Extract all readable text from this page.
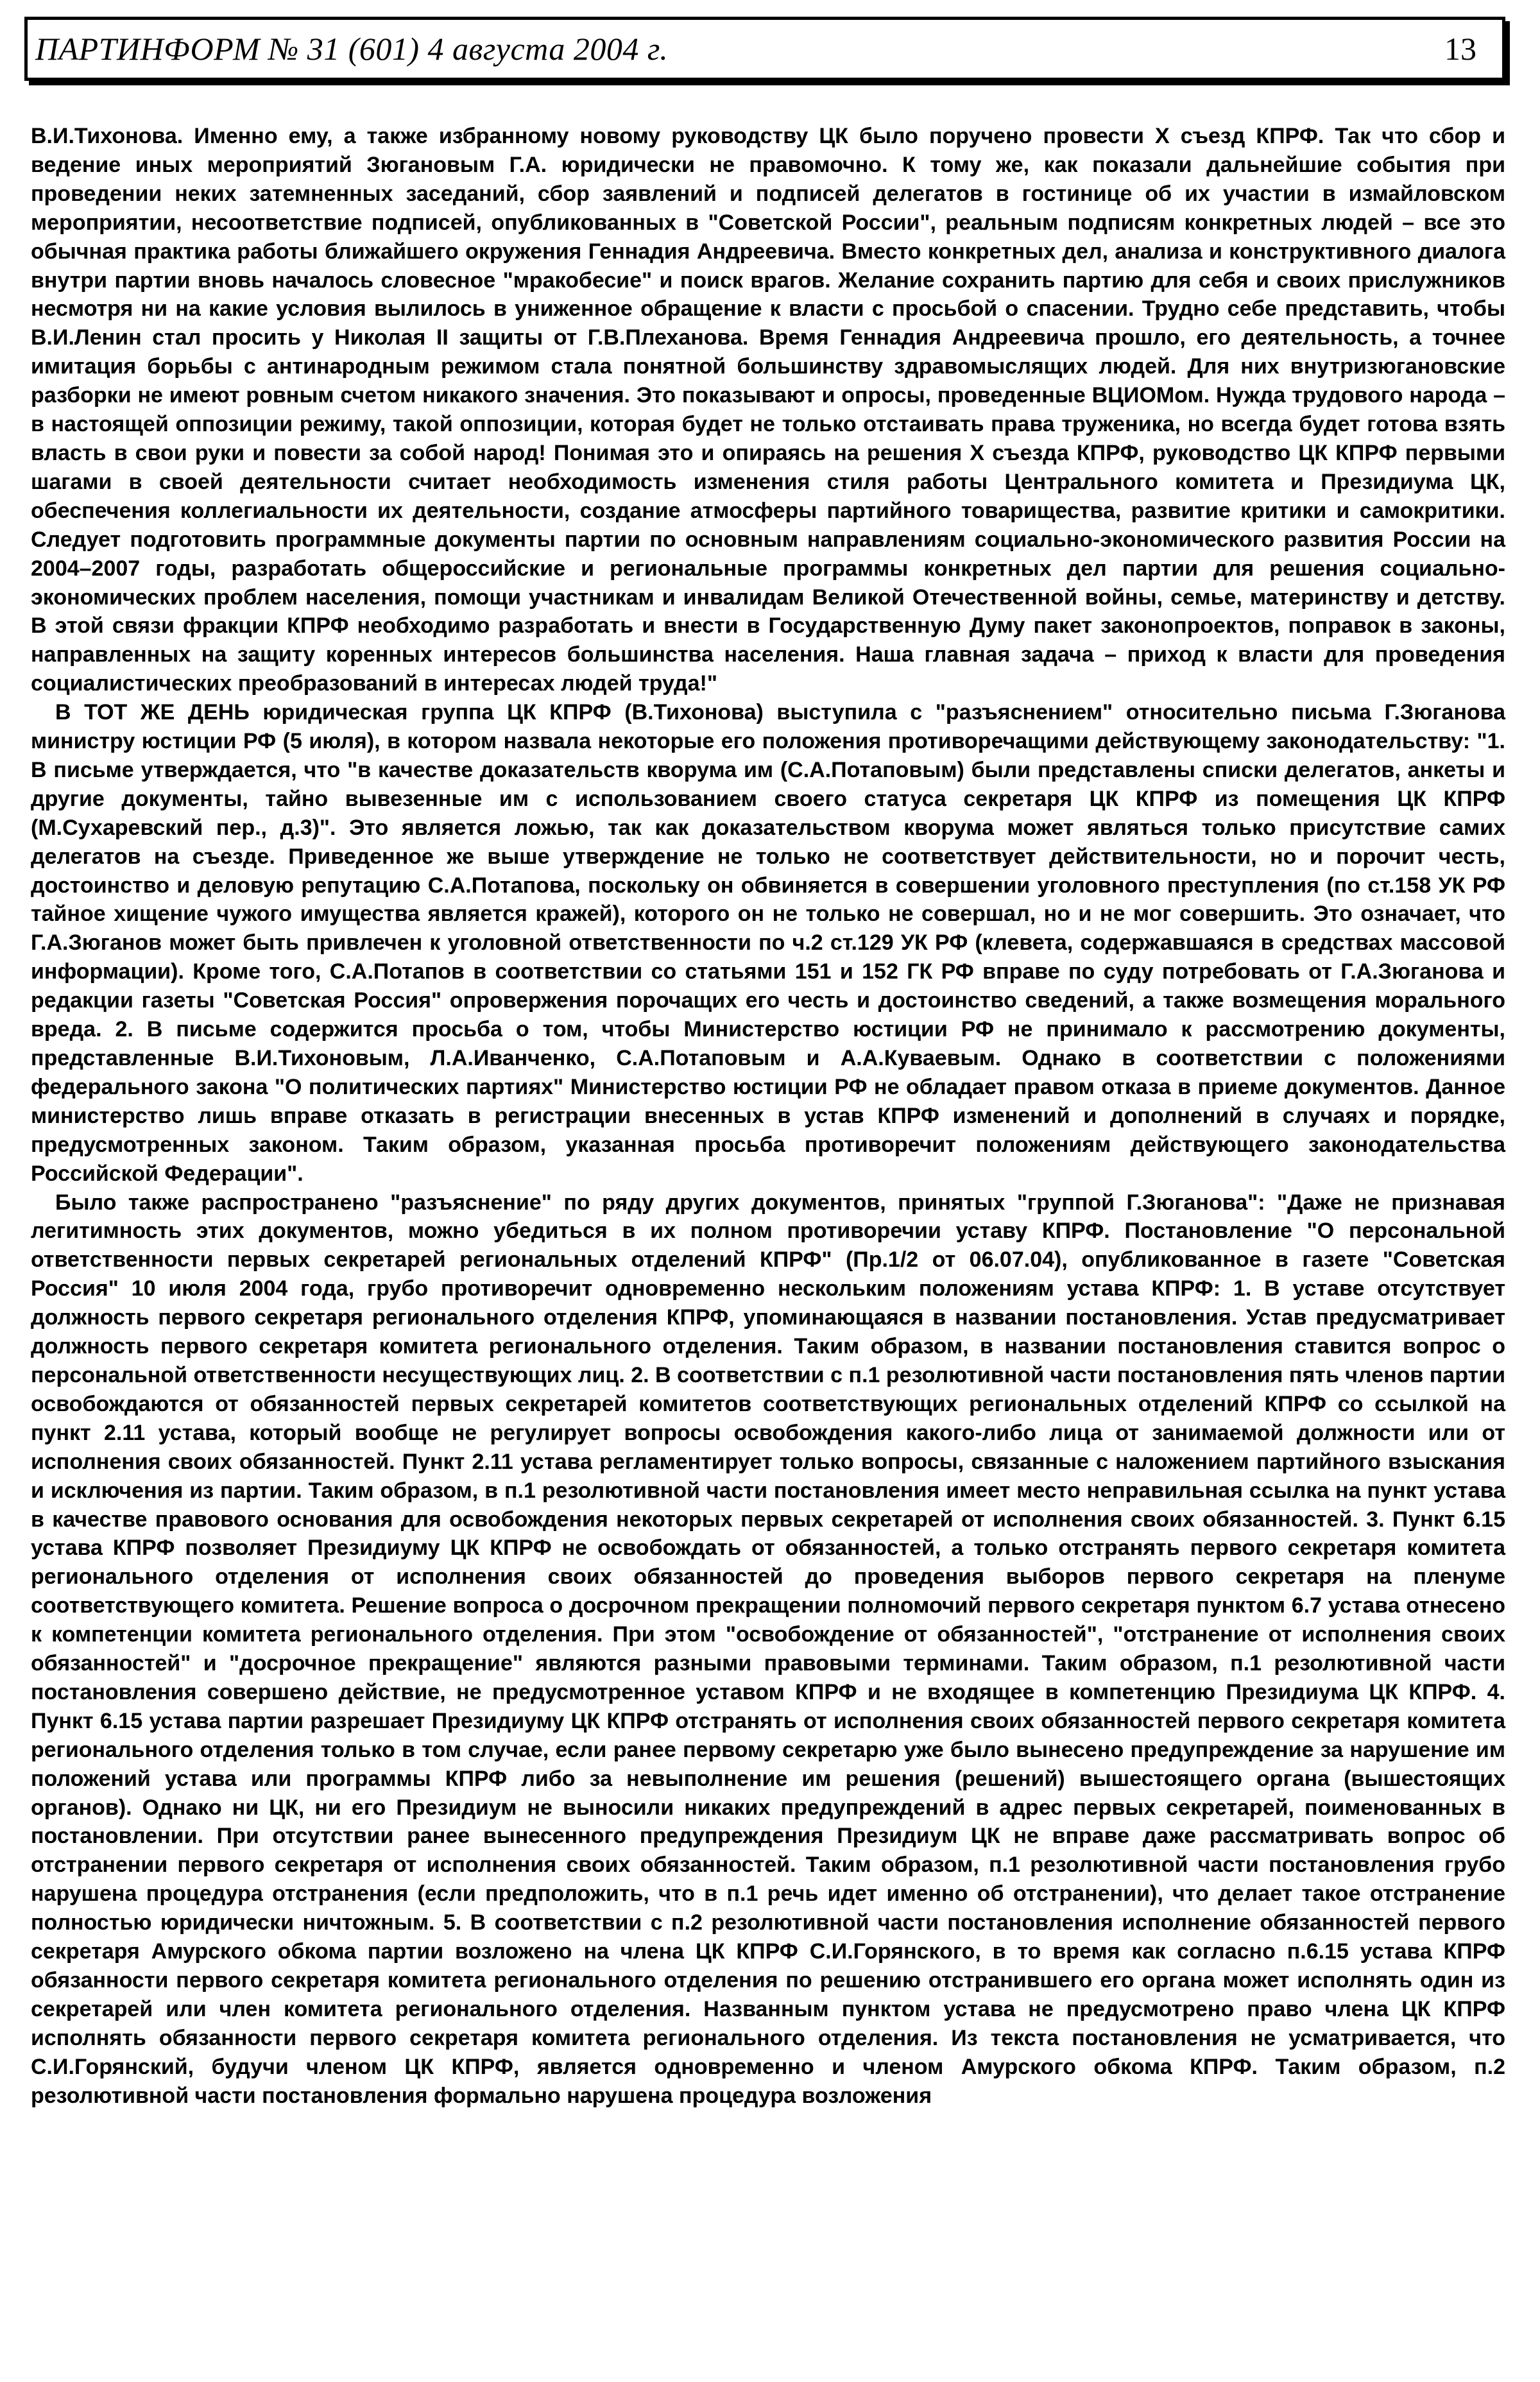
ПАРТИНФОРМ № 31 (601) 4 августа 2004 г.	13

В.И.Тихонова. Именно ему, а также избранному новому руководству ЦК было поручено провести X съезд КПРФ. Так что сбор и ведение иных мероприятий Зюгановым Г.А. юридически не правомочно. К тому же, как показали дальнейшие события при проведении неких затемненных заседаний, сбор заявлений и подписей делегатов в гостинице об их участии в измайловском мероприятии, несоответствие подписей, опубликованных в "Советской России", реальным подписям конкретных людей – все это обычная практика работы ближайшего окружения Геннадия Андреевича. Вместо конкретных дел, анализа и конструктивного диалога внутри партии вновь началось словесное "мракобесие" и поиск врагов. Желание сохранить партию для себя и своих прислужников несмотря ни на какие условия вылилось в униженное обращение к власти с просьбой о спасении. Трудно себе представить, чтобы В.И.Ленин стал просить у Николая II защиты от Г.В.Плеханова. Время Геннадия Андреевича прошло, его деятельность, а точнее имитация борьбы с антинародным режимом стала понятной большинству здравомыслящих людей. Для них внутризюгановские разборки не имеют ровным счетом никакого значения. Это показывают и опросы, проведенные ВЦИОМом. Нужда трудового народа – в настоящей оппозиции режиму, такой оппозиции, которая будет не только отстаивать права труженика, но всегда будет готова взять власть в свои руки и повести за собой народ! Понимая это и опираясь на решения X съезда КПРФ, руководство ЦК КПРФ первыми шагами в своей деятельности считает необходимость изменения стиля работы Центрального комитета и Президиума ЦК, обеспечения коллегиальности их деятельности, создание атмосферы партийного товарищества, развитие критики и самокритики. Следует подготовить программные документы партии по основным направлениям социально-экономического развития России на 2004–2007 годы, разработать общероссийские и региональные программы конкретных дел партии для решения социально-экономических проблем населения, помощи участникам и инвалидам Великой Отечественной войны, семье, материнству и детству. В этой связи фракции КПРФ необходимо разработать и внести в Государственную Думу пакет законопроектов, поправок в законы, направленных на защиту коренных интересов большинства населения. Наша главная задача – приход к власти для проведения социалистических преобразований в интересах людей труда!"

В ТОТ ЖЕ ДЕНЬ юридическая группа ЦК КПРФ (В.Тихонова) выступила с "разъяснением" относительно письма Г.Зюганова министру юстиции РФ (5 июля), в котором назвала некоторые его положения противоречащими действующему законодательству: "1. В письме утверждается, что "в качестве доказательств кворума им (С.А.Потаповым) были представлены списки делегатов, анкеты и другие документы, тайно вывезенные им с использованием своего статуса секретаря ЦК КПРФ из помещения ЦК КПРФ (М.Сухаревский пер., д.3)". Это является ложью, так как доказательством кворума может являться только присутствие самих делегатов на съезде. Приведенное же выше утверждение не только не соответствует действительности, но и порочит честь, достоинство и деловую репутацию С.А.Потапова, поскольку он обвиняется в совершении уголовного преступления (по ст.158 УК РФ тайное хищение чужого имущества является кражей), которого он не только не совершал, но и не мог совершить. Это означает, что Г.А.Зюганов может быть привлечен к уголовной ответственности по ч.2 ст.129 УК РФ (клевета, содержавшаяся в средствах массовой информации). Кроме того, С.А.Потапов в соответствии со статьями 151 и 152 ГК РФ вправе по суду потребовать от Г.А.Зюганова и редакции газеты "Советская Россия" опровержения порочащих его честь и достоинство сведений, а также возмещения морального вреда. 2. В письме содержится просьба о том, чтобы Министерство юстиции РФ не принимало к рассмотрению документы, представленные В.И.Тихоновым, Л.А.Иванченко, С.А.Потаповым и А.А.Куваевым. Однако в соответствии с положениями федерального закона "О политических партиях" Министерство юстиции РФ не обладает правом отказа в приеме документов. Данное министерство лишь вправе отказать в регистрации внесенных в устав КПРФ изменений и дополнений в случаях и порядке, предусмотренных законом. Таким образом, указанная просьба противоречит положениям действующего законодательства Российской Федерации".

Было также распространено "разъяснение" по ряду других документов, принятых "группой Г.Зюганова": "Даже не признавая легитимность этих документов, можно убедиться в их полном противоречии уставу КПРФ. Постановление "О персональной ответственности первых секретарей региональных отделений КПРФ" (Пр.1/2 от 06.07.04), опубликованное в газете "Советская Россия" 10 июля 2004 года, грубо противоречит одновременно нескольким положениям устава КПРФ: 1. В уставе отсутствует должность первого секретаря регионального отделения КПРФ, упоминающаяся в названии постановления. Устав предусматривает должность первого секретаря комитета регионального отделения. Таким образом, в названии постановления ставится вопрос о персональной ответственности несуществующих лиц. 2. В соответствии с п.1 резолютивной части постановления пять членов партии освобождаются от обязанностей первых секретарей комитетов соответствующих региональных отделений КПРФ со ссылкой на пункт 2.11 устава, который вообще не регулирует вопросы освобождения какого-либо лица от занимаемой должности или от исполнения своих обязанностей. Пункт 2.11 устава регламентирует только вопросы, связанные с наложением партийного взыскания и исключения из партии. Таким образом, в п.1 резолютивной части постановления имеет место неправильная ссылка на пункт устава в качестве правового основания для освобождения некоторых первых секретарей от исполнения своих обязанностей. 3. Пункт 6.15 устава КПРФ позволяет Президиуму ЦК КПРФ не освобождать от обязанностей, а только отстранять первого секретаря комитета регионального отделения от исполнения своих обязанностей до проведения выборов первого секретаря на пленуме соответствующего комитета. Решение вопроса о досрочном прекращении полномочий первого секретаря пунктом 6.7 устава отнесено к компетенции комитета регионального отделения. При этом "освобождение от обязанностей", "отстранение от исполнения своих обязанностей" и "досрочное прекращение" являются разными правовыми терминами. Таким образом, п.1 резолютивной части постановления совершено действие, не предусмотренное уставом КПРФ и не входящее в компетенцию Президиума ЦК КПРФ. 4. Пункт 6.15 устава партии разрешает Президиуму ЦК КПРФ отстранять от исполнения своих обязанностей первого секретаря комитета регионального отделения только в том случае, если ранее первому секретарю уже было вынесено предупреждение за нарушение им положений устава или программы КПРФ либо за невыполнение им решения (решений) вышестоящего органа (вышестоящих органов). Однако ни ЦК, ни его Президиум не выносили никаких предупреждений в адрес первых секретарей, поименованных в постановлении. При отсутствии ранее вынесенного предупреждения Президиум ЦК не вправе даже рассматривать вопрос об отстранении первого секретаря от исполнения своих обязанностей. Таким образом, п.1 резолютивной части постановления грубо нарушена процедура отстранения (если предположить, что в п.1 речь идет именно об отстранении), что делает такое отстранение полностью юридически ничтожным. 5. В соответствии с п.2 резолютивной части постановления исполнение обязанностей первого секретаря Амурского обкома партии возложено на члена ЦК КПРФ С.И.Горянского, в то время как согласно п.6.15 устава КПРФ обязанности первого секретаря комитета регионального отделения по решению отстранившего его органа может исполнять один из секретарей или член комитета регионального отделения. Названным пунктом устава не предусмотрено право члена ЦК КПРФ исполнять обязанности первого секретаря комитета регионального отделения. Из текста постановления не усматривается, что С.И.Горянский, будучи членом ЦК КПРФ, является одновременно и членом Амурского обкома КПРФ. Таким образом, п.2 резолютивной части постановления формально нарушена процедура возложения
